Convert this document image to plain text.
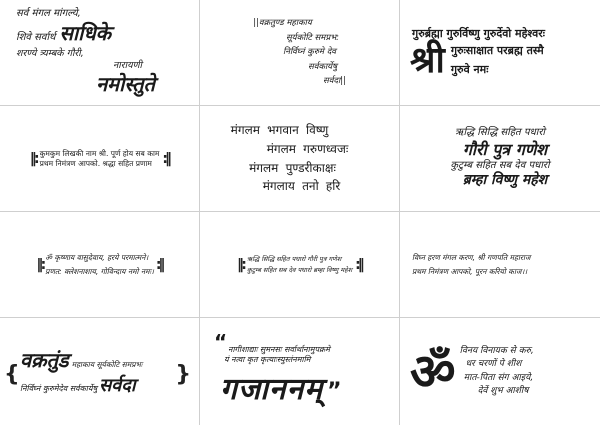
सर्व मंगल मांगल्ये,
शिवे सर्वार्थ साधिके
शरण्ये त्र्यम्बके गौरी,
नारायणी
नमोस्तुते
||वक्रतुण्ड महाकाय
सूर्यकोटि समप्रभ:
निर्विघ्नं कुरुमे देव
सर्वकार्येषु
सर्वदा||
गुरुर्ब्रह्मा गुरुर्विष्णु गुरुर्देवो महेश्वरः
श्री गुरुःसाक्षात परब्रह्म तस्मै
गुरुवे नमः
||: कुमकुम लिखकी नाम श्री. पूर्ण होय सब काम
प्रथम निमंत्रण आपको. श्रद्धा सहित प्रणाम :||
मंगलम भगवान विष्णु
मंगलम गरुणध्वजः
मंगलम पुण्डरीकाक्षः
मंगलाय तनो हरि
ऋद्धि सिद्धि सहित पधारो
गौरी पुत्र गणेश
कुटुम्ब सहित सब देव पधारो
ब्रम्हा विष्णु महेश
||: ॐ कृष्णाय वासुदेवाय, हरये परमात्मने।
प्रणत: क्लेशनाशाय, गोविन्दाय नमो नमः। :||	||: ऋद्धि सिद्धि सहित पधारो गौरी पुत्र गणेश
कुटुम्ब सहित सब देव पधारो ब्रम्हा विष्णु महेश :||	विघ्न हरण मंगल करण, श्री गणपति महाराज
प्रथम निमंत्रण आपको, पूरन करियो काज।।
{
वक्रतुंड महाकाय सूर्यकोटि समप्रभः
निर्विघ्नं कुरुमेदेव सर्वकार्येषु सर्वदा }
“ नागीशाद्याः सुमनसः सर्वार्थानामुपक्रमे
यं नत्वा कृत कृत्याःस्युस्तंनमामि
गजाननम् ” ॐ विनय विनायक से करु,
धर चरणों पे शीश
मात-पिता संग आइये,
देवें शुभ आशीष
